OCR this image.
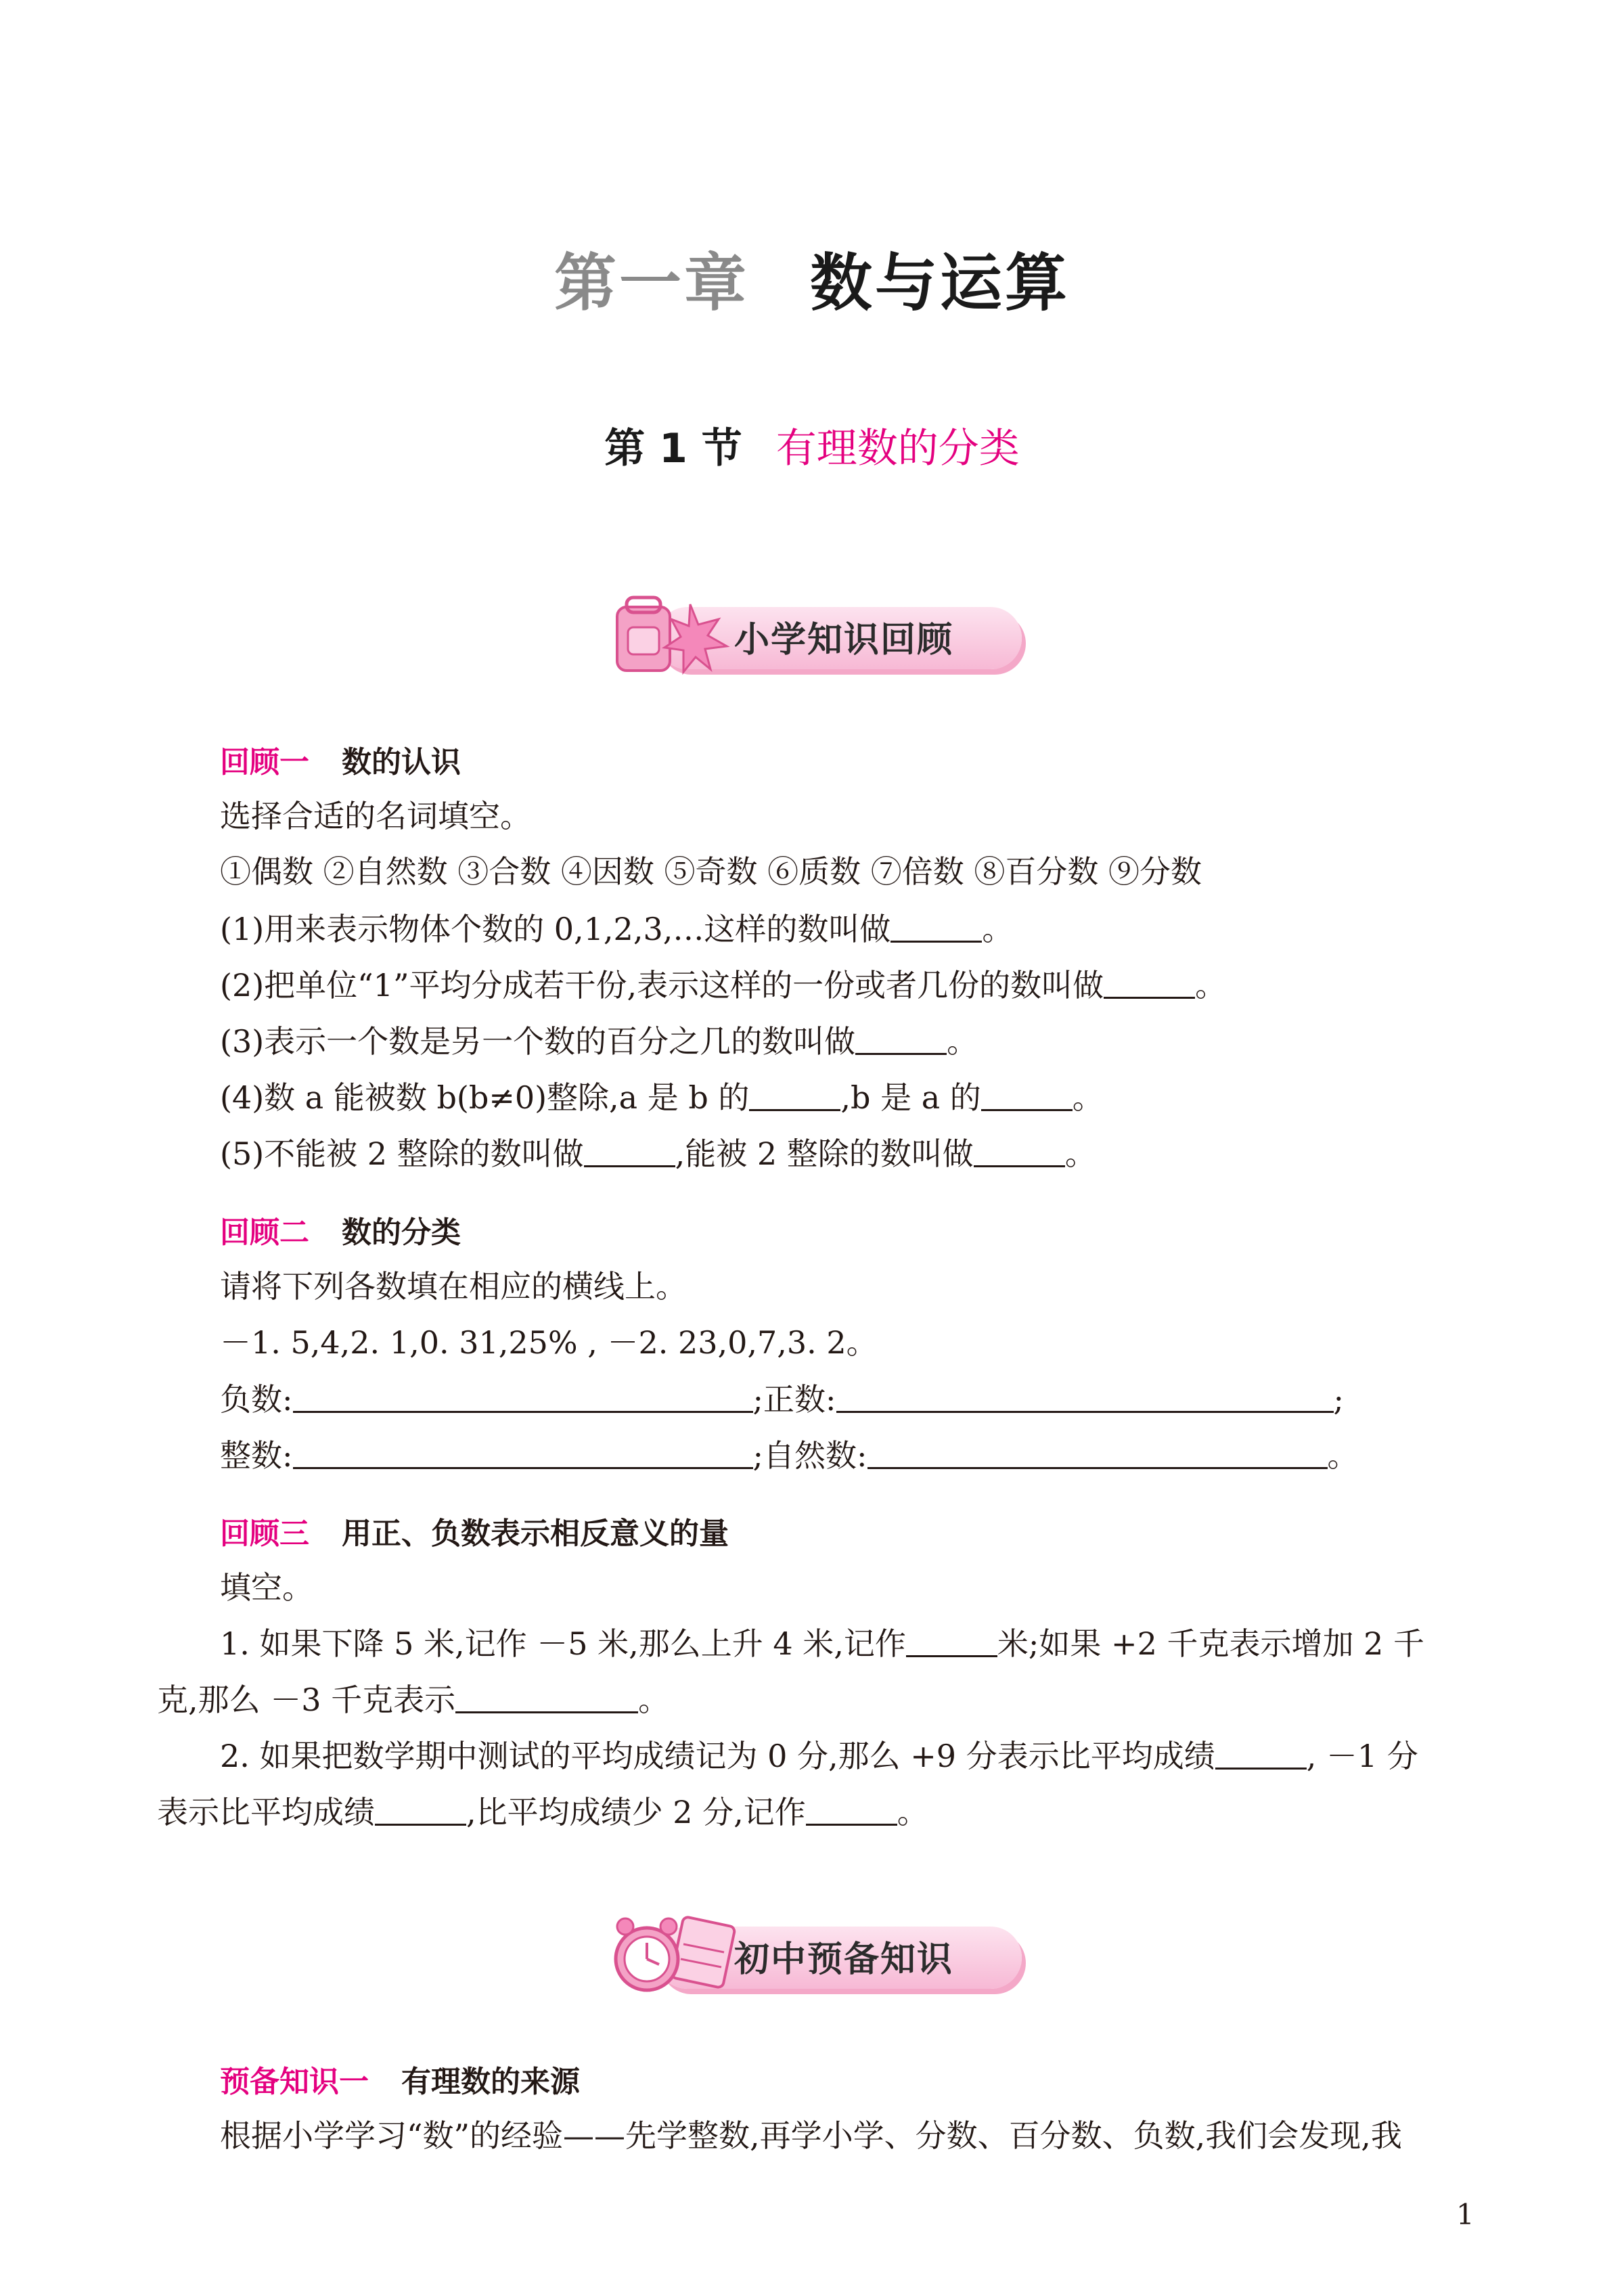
第一章 数与运算
第 1 节 有理数的分类
小学知识回顾
回顾一 数的认识
选择合适的名词填空。
①偶数 ②自然数 ③合数 ④因数 ⑤奇数 ⑥质数 ⑦倍数 ⑧百分数 ⑨分数
(1)用来表示物体个数的 0,1,2,3,…这样的数叫做	。
(2)把单位“1”平均分成若干份,表示这样的一份或者几份的数叫做	。
(3)表示一个数是另一个数的百分之几的数叫做	。
(4)数 a 能被数 b(b≠0)整除,a 是 b 的	,b 是 a 的	。
(5)不能被 2 整除的数叫做	,能被 2 整除的数叫做	。
回顾二 数的分类
请将下列各数填在相应的横线上。
－1. 5,4,2. 1,0. 31,25% , －2. 23,0,7,3. 2。
负数:	;正数:	;
整数:	;自然数:	。
回顾三 用正、负数表示相反意义的量
填空。
1. 如果下降 5 米,记作 －5 米,那么上升 4 米,记作	米;如果 +2 千克表示增加 2 千
克,那么 －3 千克表示	。
2. 如果把数学期中测试的平均成绩记为 0 分,那么 +9 分表示比平均成绩	, －1 分
表示比平均成绩	,比平均成绩少 2 分,记作	。
初中预备知识
预备知识一 有理数的来源
根据小学学习“数”的经验——先学整数,再学小学、分数、百分数、负数,我们会发现,我
1
